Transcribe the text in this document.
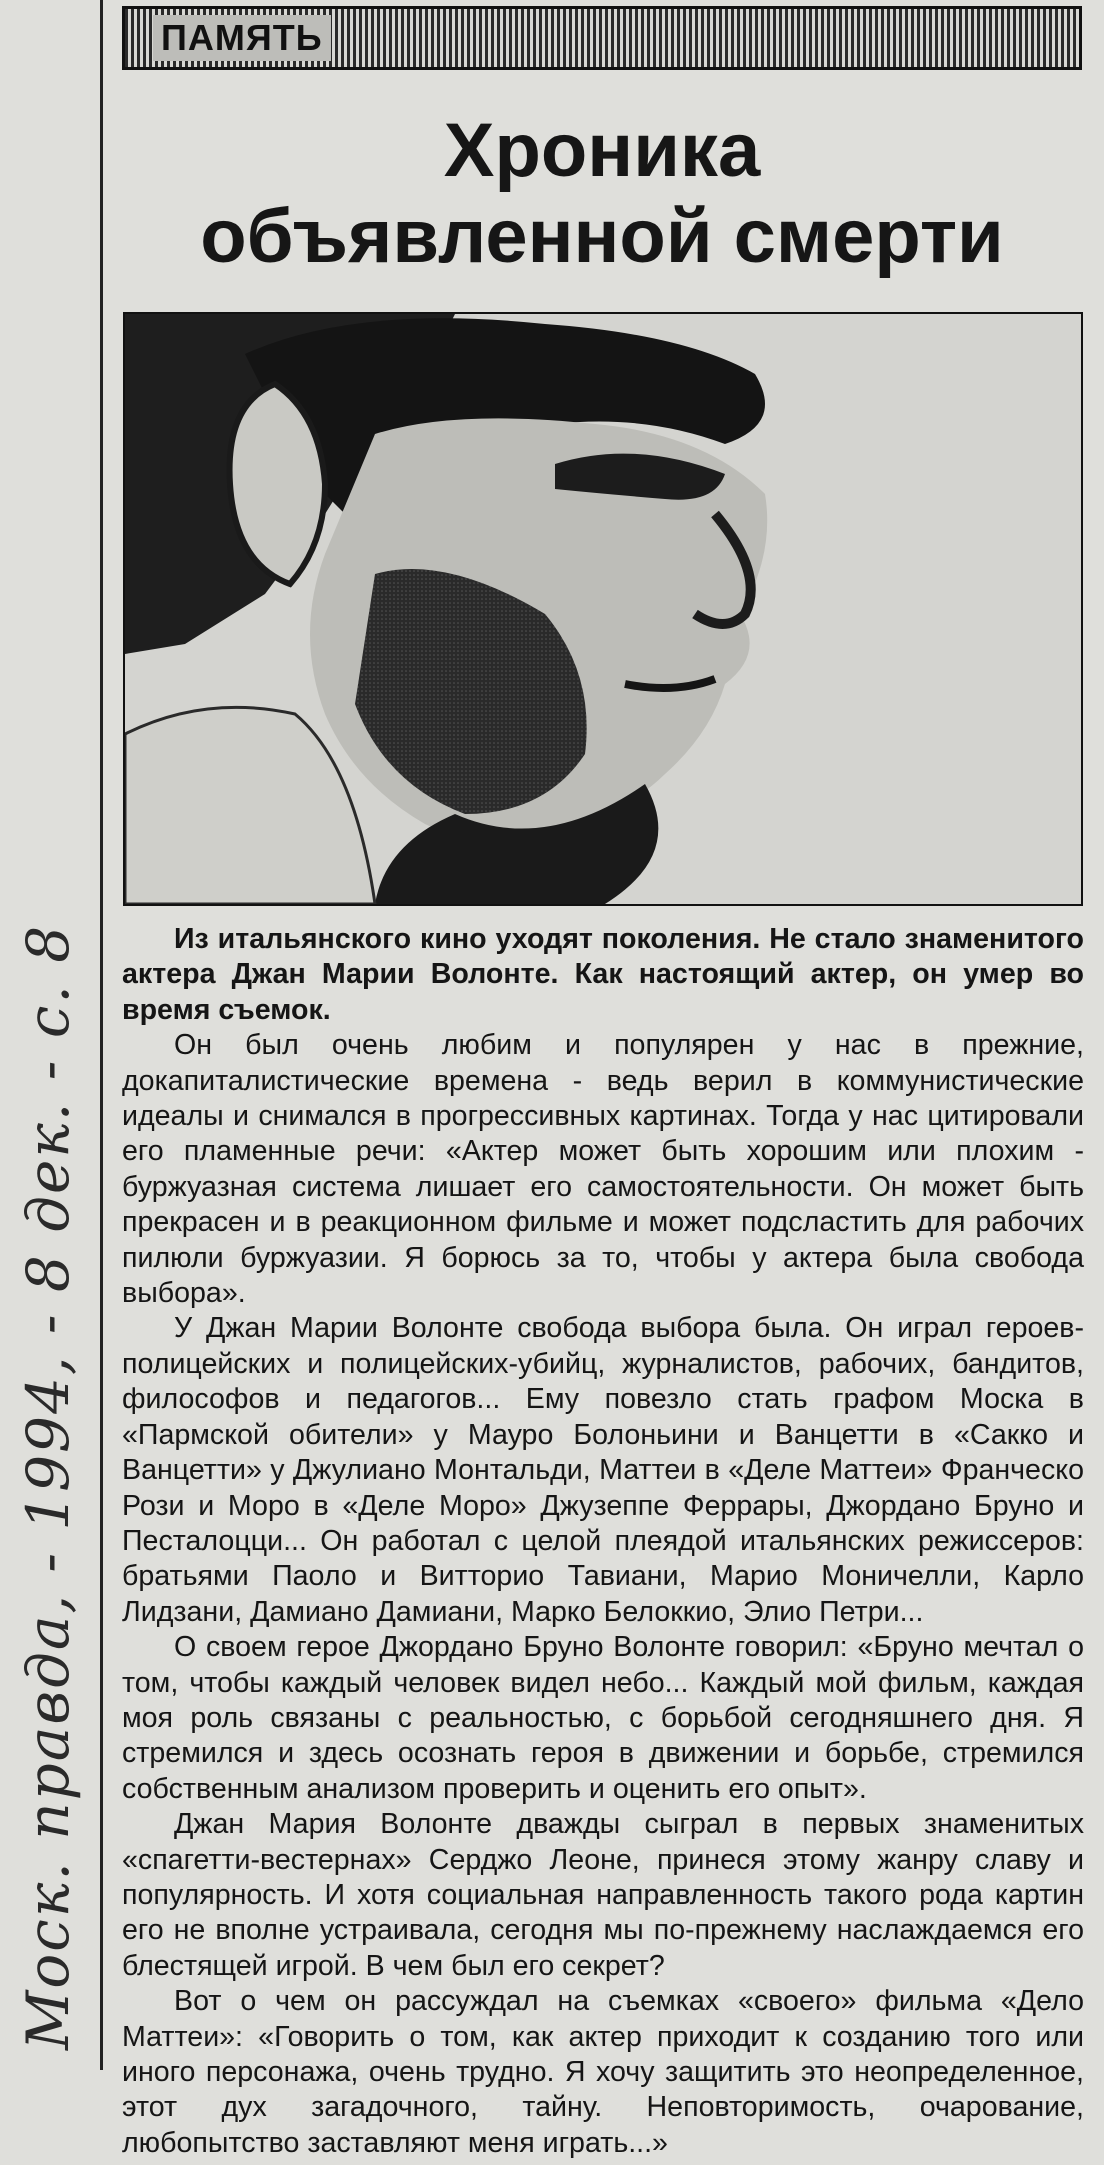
Моск. правда, - 1994, - 8 дек. - с. 8
ПАМЯТЬ
Хроника
объявленной смерти

Из итальянского кино уходят поколения. Не стало знаменитого актера Джан Марии Волонте. Как настоящий актер, он умер во время съемок.

Он был очень любим и популярен у нас в прежние, докапиталистические времена - ведь верил в коммунистические идеалы и снимался в прогрессивных картинах. Тогда у нас цитировали его пламенные речи: «Актер может быть хорошим или плохим - буржуазная система лишает его самостоятельности. Он может быть прекрасен и в реакционном фильме и может подсластить для рабочих пилюли буржуазии. Я борюсь за то, чтобы у актера была свобода выбора».

У Джан Марии Волонте свобода выбора была. Он играл героев-полицейских и полицейских-убийц, журналистов, рабочих, бандитов, философов и педагогов... Ему повезло стать графом Моска в «Пармской обители» у Мауро Болоньини и Ванцетти в «Сакко и Ванцетти» у Джулиано Монтальди, Маттеи в «Деле Маттеи» Франческо Рози и Моро в «Деле Моро» Джузеппе Феррары, Джордано Бруно и Песталоцци... Он работал с целой плеядой итальянских режиссеров: братьями Паоло и Витторио Тавиани, Марио Моничелли, Карло Лидзани, Дамиано Дамиани, Марко Белоккио, Элио Петри...

О своем герое Джордано Бруно Волонте говорил: «Бруно мечтал о том, чтобы каждый человек видел небо... Каждый мой фильм, каждая моя роль связаны с реальностью, с борьбой сегодняшнего дня. Я стремился и здесь осознать героя в движении и борьбе, стремился собственным анализом проверить и оценить его опыт».

Джан Мария Волонте дважды сыграл в первых знаменитых «спагетти-вестернах» Серджо Леоне, принеся этому жанру славу и популярность. И хотя социальная направленность такого рода картин его не вполне устраивала, сегодня мы по-прежнему наслаждаемся его блестящей игрой. В чем был его секрет?

Вот о чем он рассуждал на съемках «своего» фильма «Дело Маттеи»: «Говорить о том, как актер приходит к созданию того или иного персонажа, очень трудно. Я хочу защитить это неопределенное, этот дух загадочного, тайну. Неповторимость, очарование, любопытство заставляют меня играть...»
